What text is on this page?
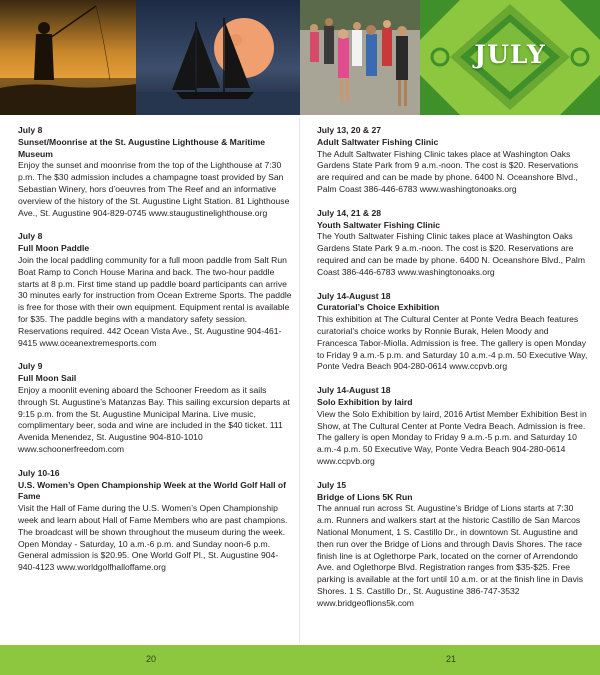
JULY
July 8
Sunset/Moonrise at the St. Augustine Lighthouse & Maritime Museum
Enjoy the sunset and moonrise from the top of the Lighthouse at 7:30 p.m. The $30 admission includes a champagne toast provided by San Sebastian Winery, hors d’oeuvres from The Reef and an informative overview of the history of the St. Augustine Light Station. 81 Lighthouse Ave., St. Augustine 904-829-0745 www.staugustinelighthouse.org
July 8
Full Moon Paddle
Join the local paddling community for a full moon paddle from Salt Run Boat Ramp to Conch House Marina and back. The two-hour paddle starts at 8 p.m. First time stand up paddle board participants can arrive 30 minutes early for instruction from Ocean Extreme Sports. The paddle is free for those with their own equipment. Equipment rental is available for $35. The paddle begins with a mandatory safety session. Reservations required. 442 Ocean Vista Ave., St. Augustine 904-461-9415 www.oceanextremesports.com
July 9
Full Moon Sail
Enjoy a moonlit evening aboard the Schooner Freedom as it sails through St. Augustine’s Matanzas Bay. This sailing excursion departs at 9:15 p.m. from the St. Augustine Municipal Marina. Live music, complimentary beer, soda and wine are included in the $40 ticket. 111 Avenida Menendez, St. Augustine 904-810-1010 www.schoonerfreedom.com
July 10-16
U.S. Women’s Open Championship Week at the World Golf Hall of Fame
Visit the Hall of Fame during the U.S. Women’s Open Championship week and learn about Hall of Fame Members who are past champions. The broadcast will be shown throughout the museum during the week. Open Monday - Saturday, 10 a.m.-6 p.m. and Sunday noon-6 p.m. General admission is $20.95. One World Golf Pl., St. Augustine 904-940-4123 www.worldgolfhalloffame.org
July 13, 20 & 27
Adult Saltwater Fishing Clinic
The Adult Saltwater Fishing Clinic takes place at Washington Oaks Gardens State Park from 9 a.m.-noon. The cost is $20. Reservations are required and can be made by phone. 6400 N. Oceanshore Blvd., Palm Coast 386-446-6783 www.washingtonoaks.org
July 14, 21 & 28
Youth Saltwater Fishing Clinic
The Youth Saltwater Fishing Clinic takes place at Washington Oaks Gardens State Park 9 a.m.-noon. The cost is $20. Reservations are required and can be made by phone. 6400 N. Oceanshore Blvd., Palm Coast 386-446-6783 www.washingtonoaks.org
July 14-August 18
Curatorial’s Choice Exhibition
This exhibition at The Cultural Center at Ponte Vedra Beach features curatorial’s choice works by Ronnie Burak, Helen Moody and Francesca Tabor-Miolla. Admission is free. The gallery is open Monday to Friday 9 a.m.-5 p.m. and Saturday 10 a.m.-4 p.m. 50 Executive Way, Ponte Vedra Beach 904-280-0614 www.ccpvb.org
July 14-August 18
Solo Exhibition by laird
View the Solo Exhibition by laird, 2016 Artist Member Exhibition Best in Show, at The Cultural Center at Ponte Vedra Beach. Admission is free. The gallery is open Monday to Friday 9 a.m.-5 p.m. and Saturday 10 a.m.-4 p.m. 50 Executive Way, Ponte Vedra Beach 904-280-0614 www.ccpvb.org
July 15
Bridge of Lions 5K Run
The annual run across St. Augustine’s Bridge of Lions starts at 7:30 a.m. Runners and walkers start at the historic Castillo de San Marcos National Monument, 1 S. Castillo Dr., in downtown St. Augustine and then run over the Bridge of Lions and through Davis Shores. The race finish line is at Oglethorpe Park, located on the corner of Arrendondo Ave. and Oglethorpe Blvd. Registration ranges from $35-$25. Free parking is available at the fort until 10 a.m. or at the finish line in Davis Shores. 1 S. Castillo Dr., St. Augustine 386-747-3532 www.bridgeoflions5k.com
20	21
